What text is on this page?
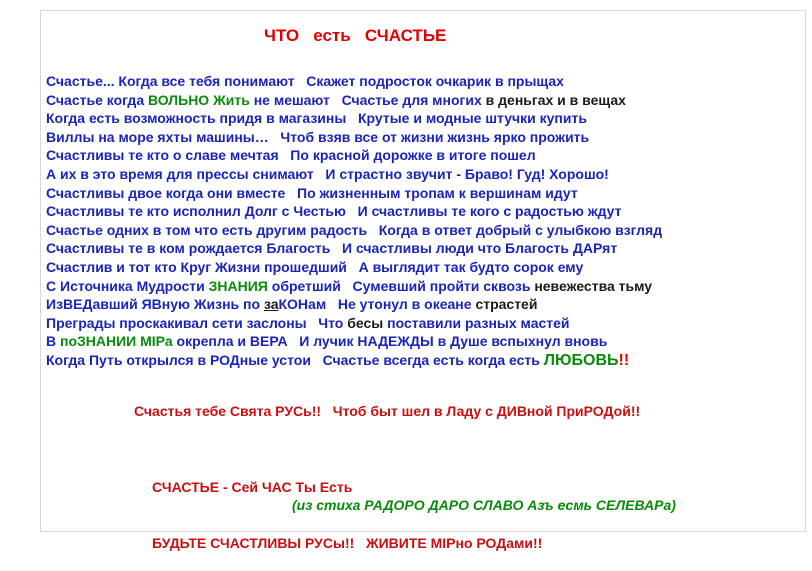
ЧТО   есть   СЧАСТЬЕ
Счастье... Когда все тебя понимают   Скажет подросток очкарик в прыщах
Счастье когда ВОЛЬНО Жить не мешают   Счастье для многих в деньгах и в вещах
Когда есть возможность придя в магазины   Крутые и модные штучки купить
Виллы на море яхты машины…   Чтоб взяв все от жизни жизнь ярко прожить
Счастливы те кто о славе мечтая   По красной дорожке в итоге пошел
А их в это время для прессы снимают   И страстно звучит - Браво! Гуд! Хорошо!
Счастливы двое когда они вместе   По жизненным тропам к вершинам идут
Счастливы те кто исполнил Долг с Честью   И счастливы те кого с радостью ждут
Счастье одних в том что есть другим радость   Когда в ответ добрый с улыбкою взгляд
Счастливы те в ком рождается Благость   И счастливы люди что Благость ДАРят
Счастлив и тот кто Круг Жизни прошедший   А выглядит так будто сорок ему
С Источника Мудрости ЗНАНИЯ обретший   Сумевший пройти сквозь невежества тьму
ИзВЕДавший ЯВную Жизнь по заКОНам   Не утонул в океане страстей
Преграды проскакивал сети заслоны   Что бесы поставили разных мастей
В поЗНАНИИ МІРа окрепла и ВЕРА   И лучик НАДЕЖДЫ в Душе вспыхнул вновь
Когда Путь открылся в РОДные устои   Счастье всегда есть когда есть ЛЮБОВЬ!!
Счастья тебе Свята РУСь!!   Чтоб быт шел в Ладу с ДИВной ПриРОДой!!

СЧАСТЬЕ - Сей ЧАС Ты Есть

БУДЬТЕ СЧАСТЛИВЫ РУСы!!   ЖИВИТЕ МІРно РОДами!!

(из стиха РАДОРО ДАРО СЛАВО Азъ есмь СЕЛЕВАРа)
